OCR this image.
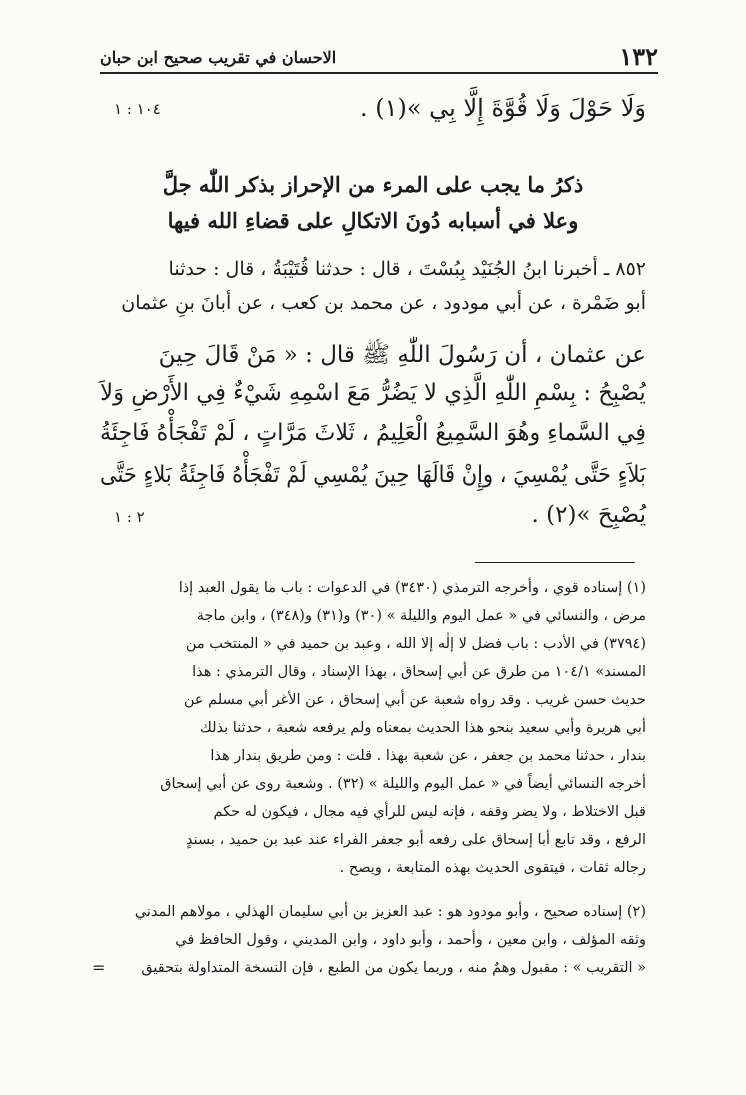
١٣٢
الاحسان في تقريب صحيح ابن حبان
وَلَا حَوْلَ وَلَا قُوَّةَ إِلَّا بِي »(١) .
١٠٤ : ١
ذكرُ ما يجب على المرء من الإحراز بذكر اللّٰه جلَّ
وعلا في أسبابه دُونَ الاتكالِ على قضاءِ الله فيها
٨٥٢ ـ أخبرنا ابنُ الجُنَيْد بِبُسْتَ ، قال : حدثنا قُتَيْبَةُ ، قال : حدثنا
أبو ضَمْرة ، عن أبي مودود ، عن محمد بن كعب ، عن أبانَ بنِ عثمان
عن عثمان ، أن رَسُولَ اللّٰهِ ﷺ قال : « مَنْ قَالَ حِينَ
يُصْبِحُ : بِسْمِ اللّٰهِ الَّذِي لا يَضُرُّ مَعَ اسْمِهِ شَيْءٌ فِي الأَرْضِ وَلاَ
فِي السَّماءِ وهُوَ السَّمِيعُ الْعَلِيمُ ، ثَلاثَ مَرَّاتٍ ، لَمْ تَفْجَأْهُ فَاجِئَةُ
بَلاَءٍ حَتَّى يُمْسِيَ ، وإِنْ قَالَهَا حِينَ يُمْسِي لَمْ تَفْجَأْهُ فَاجِئَةُ بَلاءٍ حَتَّى
يُصْبِحَ »(٢) .
٢ : ١
(١) إسناده قوي ، وأخرجه الترمذي (٣٤٣٠) في الدعوات : باب ما يقول العبد إذا
مرض ، والنسائي في « عمل اليوم والليلة » (٣٠) و(٣١) و(٣٤٨) ، وابن ماجة
(٣٧٩٤) في الأدب : باب فضل لا إلٰه إلا الله ، وعبد بن حميد في « المنتخب من
المسند» ١٠٤/١ من طرق عن أبي إسحاق ، بهذا الإسناد ، وقال الترمذي : هذا
حديث حسن غريب . وقد رواه شعبة عن أبي إسحاق ، عن الأغر أبي مسلم عن
أبي هريرة وأبي سعيد بنحو هذا الحديث بمعناه ولم يرفعه شعبة ، حدثنا بذلك
بندار ، حدثنا محمد بن جعفر ، عن شعبة بهذا . قلت : ومن طريق بندار هذا
أخرجه النسائي أيضاً في « عمل اليوم والليلة » (٣٢) . وشعبة روى عن أبي إسحاق
قبل الاختلاط ، ولا يضر وقفه ، فإنه ليس للرأي فيه مجال ، فيكون له حكم
الرفع ، وقد تابع أبا إسحاق على رفعه أبو جعفر الفراء عند عبد بن حميد ، بسندٍ
رجاله ثقات ، فيتقوى الحديث بهذه المتابعة ، ويصح .
(٢) إسناده صحيح ، وأبو مودود هو : عبد العزيز بن أبي سليمان الهذلي ، مولاهم المدني
وثقه المؤلف ، وابن معين ، وأحمد ، وأبو داود ، وابن المديني ، وقول الحافظ في
« التقريب » : مقبول وهمٌ منه ، وربما يكون من الطبع ، فإن النسخة المتداولة بتحقيق
=
